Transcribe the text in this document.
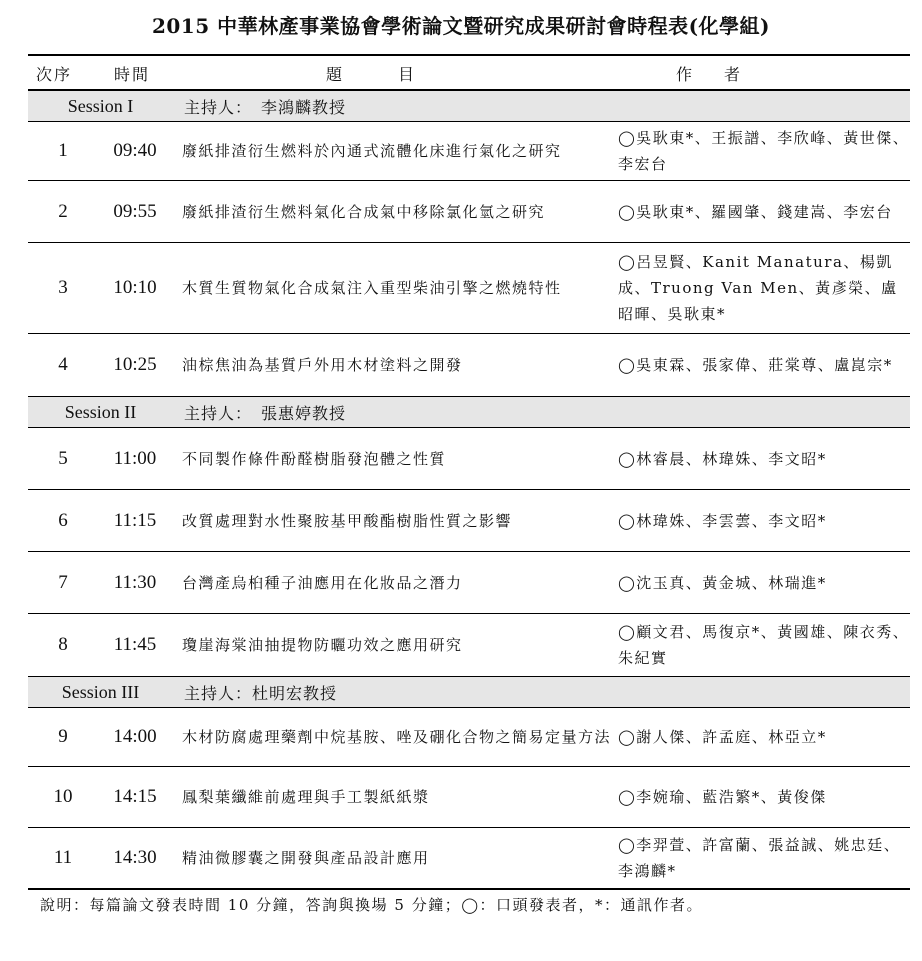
2015 中華林產事業協會學術論文暨研究成果研討會時程表(化學組)
次序	時間	題　　目	作　者
Session I	主持人：　李鴻麟教授
1	09:40	廢紙排渣衍生燃料於內通式流體化床進行氣化之研究
◯吳耿東*、王振譜、李欣峰、黃世傑、李宏台
2	09:55	廢紙排渣衍生燃料氣化合成氣中移除氯化氫之研究	◯吳耿東*、羅國肇、錢建嵩、李宏台
3	10:10	木質生質物氣化合成氣注入重型柴油引擎之燃燒特性
◯呂昱賢、Kanit Manatura、楊凱成、Truong Van Men、黃彥榮、盧昭暉、吳耿東*
4	10:25	油棕焦油為基質戶外用木材塗料之開發	◯吳東霖、張家偉、莊棠尊、盧崑宗*
Session II	主持人：　張惠婷教授
5	11:00	不同製作條件酚醛樹脂發泡體之性質	◯林睿晨、林瑋姝、李文昭*
6	11:15	改質處理對水性聚胺基甲酸酯樹脂性質之影響	◯林瑋姝、李雲蕓、李文昭*
7	11:30	台灣產烏桕種子油應用在化妝品之潛力	◯沈玉真、黃金城、林瑞進*
8	11:45	瓊崖海棠油抽提物防曬功效之應用研究
◯顧文君、馬復京*、黃國雄、陳衣秀、朱紀實
Session III	主持人：杜明宏教授
9	14:00	木材防腐處理藥劑中烷基胺、唑及硼化合物之簡易定量方法 ◯謝人傑、許孟庭、林亞立*
10	14:15	鳳梨葉纖維前處理與手工製紙紙漿	◯李婉瑜、藍浩繁*、黃俊傑
11	14:30	精油微膠囊之開發與產品設計應用
◯李羿萱、許富蘭、張益誠、姚忠廷、李鴻麟*
說明：每篇論文發表時間 10 分鐘，答詢與換場 5 分鐘；◯：口頭發表者，*：通訊作者。
